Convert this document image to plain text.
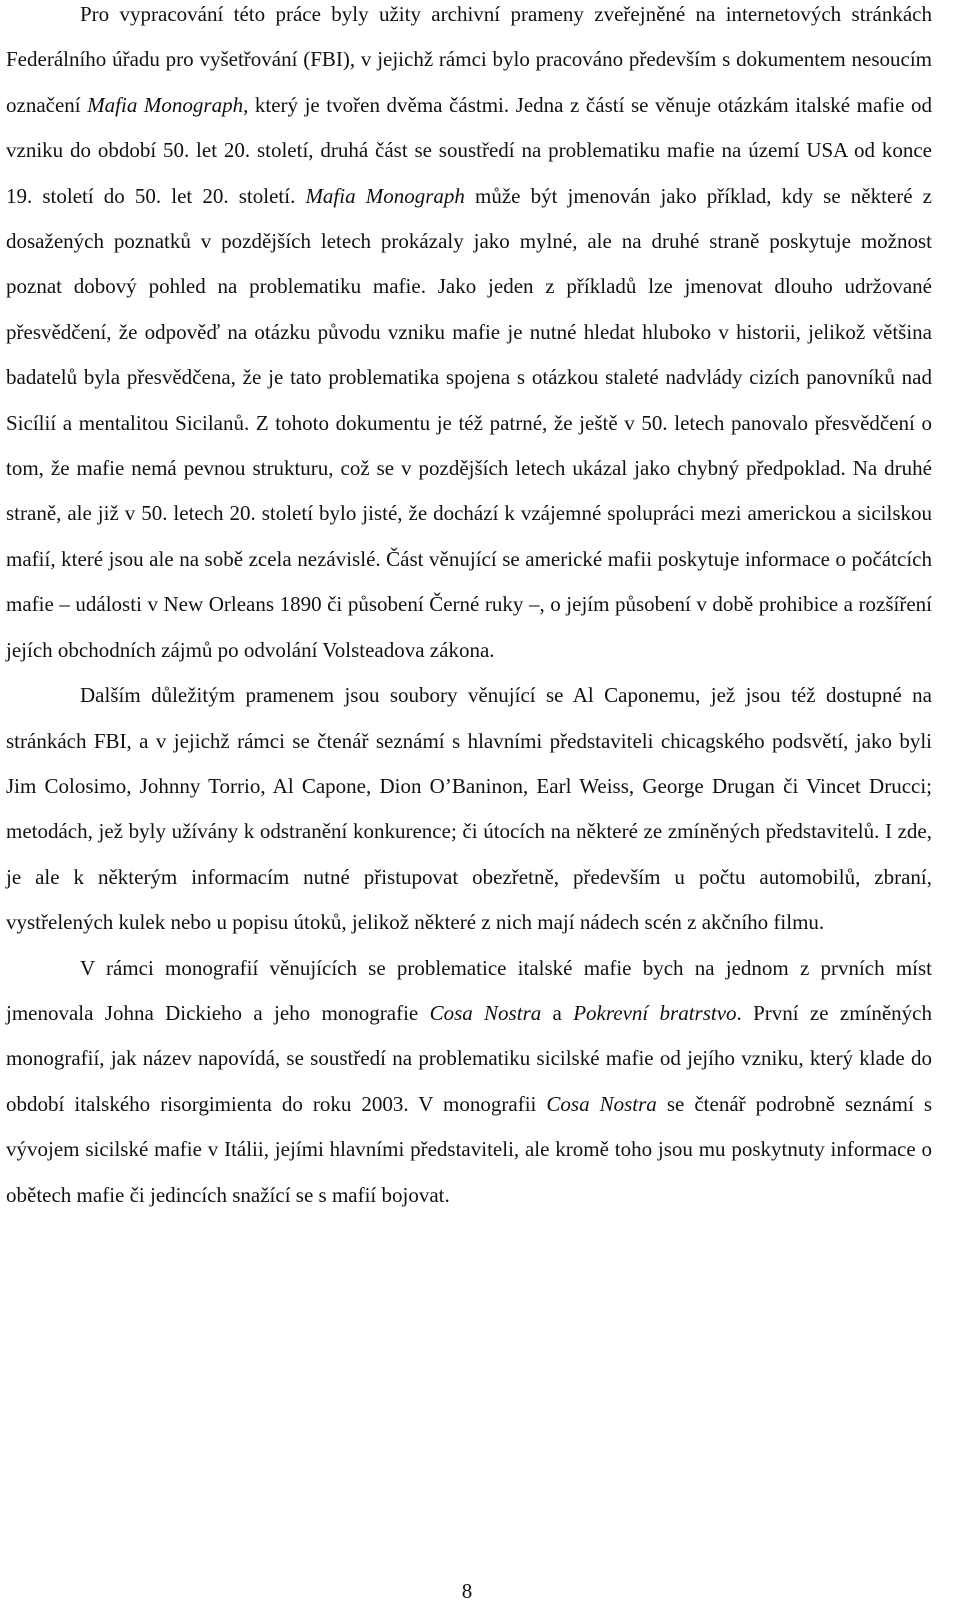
Pro vypracování této práce byly užity archivní prameny zveřejněné na internetových stránkách Federálního úřadu pro vyšetřování (FBI), v jejichž rámci bylo pracováno především s dokumentem nesoucím označení Mafia Monograph, který je tvořen dvěma částmi. Jedna z částí se věnuje otázkám italské mafie od vzniku do období 50. let 20. století, druhá část se soustředí na problematiku mafie na území USA od konce 19. století do 50. let 20. století. Mafia Monograph může být jmenován jako příklad, kdy se některé z dosažených poznatků v pozdějších letech prokázaly jako mylné, ale na druhé straně poskytuje možnost poznat dobový pohled na problematiku mafie. Jako jeden z příkladů lze jmenovat dlouho udržované přesvědčení, že odpověď na otázku původu vzniku mafie je nutné hledat hluboko v historii, jelikož většina badatelů byla přesvědčena, že je tato problematika spojena s otázkou staleté nadvlády cizích panovníků nad Sicílií a mentalitou Sicilanů. Z tohoto dokumentu je též patrné, že ještě v 50. letech panovalo přesvědčení o tom, že mafie nemá pevnou strukturu, což se v pozdějších letech ukázal jako chybný předpoklad. Na druhé straně, ale již v 50. letech 20. století bylo jisté, že dochází k vzájemné spolupráci mezi americkou a sicilskou mafií, které jsou ale na sobě zcela nezávislé. Část věnující se americké mafii poskytuje informace o počátcích mafie – události v New Orleans 1890 či působení Černé ruky –, o jejím působení v době prohibice a rozšíření jejích obchodních zájmů po odvolání Volsteadova zákona.

Dalším důležitým pramenem jsou soubory věnující se Al Caponemu, jež jsou též dostupné na stránkách FBI, a v jejichž rámci se čtenář seznámí s hlavními představiteli chicagského podsvětí, jako byli Jim Colosimo, Johnny Torrio, Al Capone, Dion O’Baninon, Earl Weiss, George Drugan či Vincet Drucci; metodách, jež byly užívány k odstranění konkurence; či útocích na některé ze zmíněných představitelů. I zde, je ale k některým informacím nutné přistupovat obezřetně, především u počtu automobilů, zbraní, vystřelených kulek nebo u popisu útoků, jelikož některé z nich mají nádech scén z akčního filmu.

V rámci monografií věnujících se problematice italské mafie bych na jednom z prvních míst jmenovala Johna Dickieho a jeho monografie Cosa Nostra a Pokrevní bratrstvo. První ze zmíněných monografií, jak název napovídá, se soustředí na problematiku sicilské mafie od jejího vzniku, který klade do období italského risorgimienta do roku 2003. V monografii Cosa Nostra se čtenář podrobně seznámí s vývojem sicilské mafie v Itálii, jejími hlavními představiteli, ale kromě toho jsou mu poskytnuty informace o obětech mafie či jedincích snažící se s mafií bojovat.

8
